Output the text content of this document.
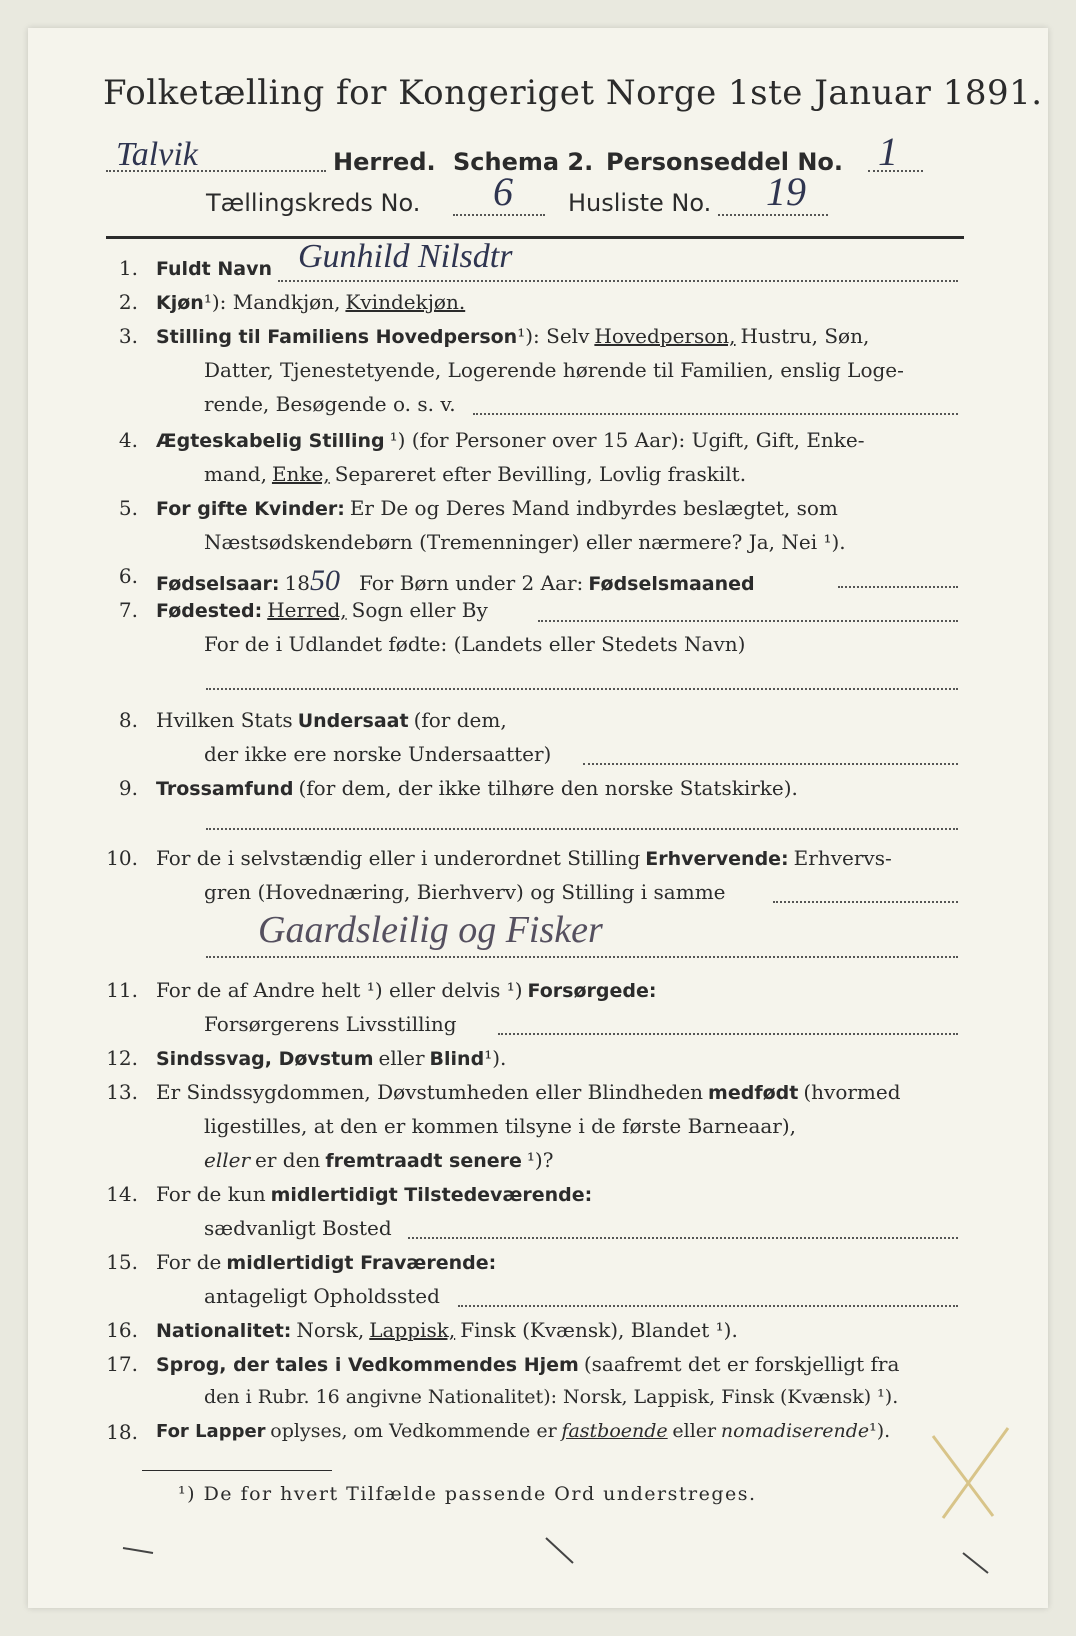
Folketælling for Kongeriget Norge 1ste Januar 1891.
Talvik	Herred. Schema 2. Personseddel No. 1
Tællingskreds No. 6 Husliste No. 19
1. Fuldt Navn Gunhild Nilsdtr
2. Kjøn¹): Mandkjøn, Kvindekjøn.
3. Stilling til Familiens Hovedperson¹): Selv Hovedperson, Hustru, Søn,
Datter, Tjenestetyende, Logerende hørende til Familien, enslig Loge-
rende, Besøgende o. s. v.
4. Ægteskabelig Stilling ¹) (for Personer over 15 Aar): Ugift, Gift, Enke-
mand, Enke, Separeret efter Bevilling, Lovlig fraskilt.
5. For gifte Kvinder: Er De og Deres Mand indbyrdes beslægtet, som
Næstsødskendebørn (Tremenninger) eller nærmere? Ja, Nei ¹).
6. Fødselsaar: 1850 For Børn under 2 Aar: Fødselsmaaned
7. Fødested: Herred, Sogn eller By
For de i Udlandet fødte: (Landets eller Stedets Navn)
8. Hvilken Stats Undersaat (for dem,
der ikke ere norske Undersaatter)
9. Trossamfund (for dem, der ikke tilhøre den norske Statskirke).
10. For de i selvstændig eller i underordnet Stilling Erhvervende: Erhvervs-
gren (Hovednæring, Bierhverv) og Stilling i samme
Gaardsleilig og Fisker
11. For de af Andre helt ¹) eller delvis ¹) Forsørgede:
Forsørgerens Livsstilling
12. Sindssvag, Døvstum eller Blind¹).
13. Er Sindssygdommen, Døvstumheden eller Blindheden medfødt (hvormed
ligestilles, at den er kommen tilsyne i de første Barneaar),
eller er den fremtraadt senere ¹)?
14. For de kun midlertidigt Tilstedeværende:
sædvanligt Bosted
15. For de midlertidigt Fraværende:
antageligt Opholdssted
16. Nationalitet: Norsk, Lappisk, Finsk (Kvænsk), Blandet ¹).
17. Sprog, der tales i Vedkommendes Hjem (saafremt det er forskjelligt fra
den i Rubr. 16 angivne Nationalitet): Norsk, Lappisk, Finsk (Kvænsk) ¹).
18. For Lapper oplyses, om Vedkommende er fastboende eller nomadiserende¹).
¹) De for hvert Tilfælde passende Ord understreges.
